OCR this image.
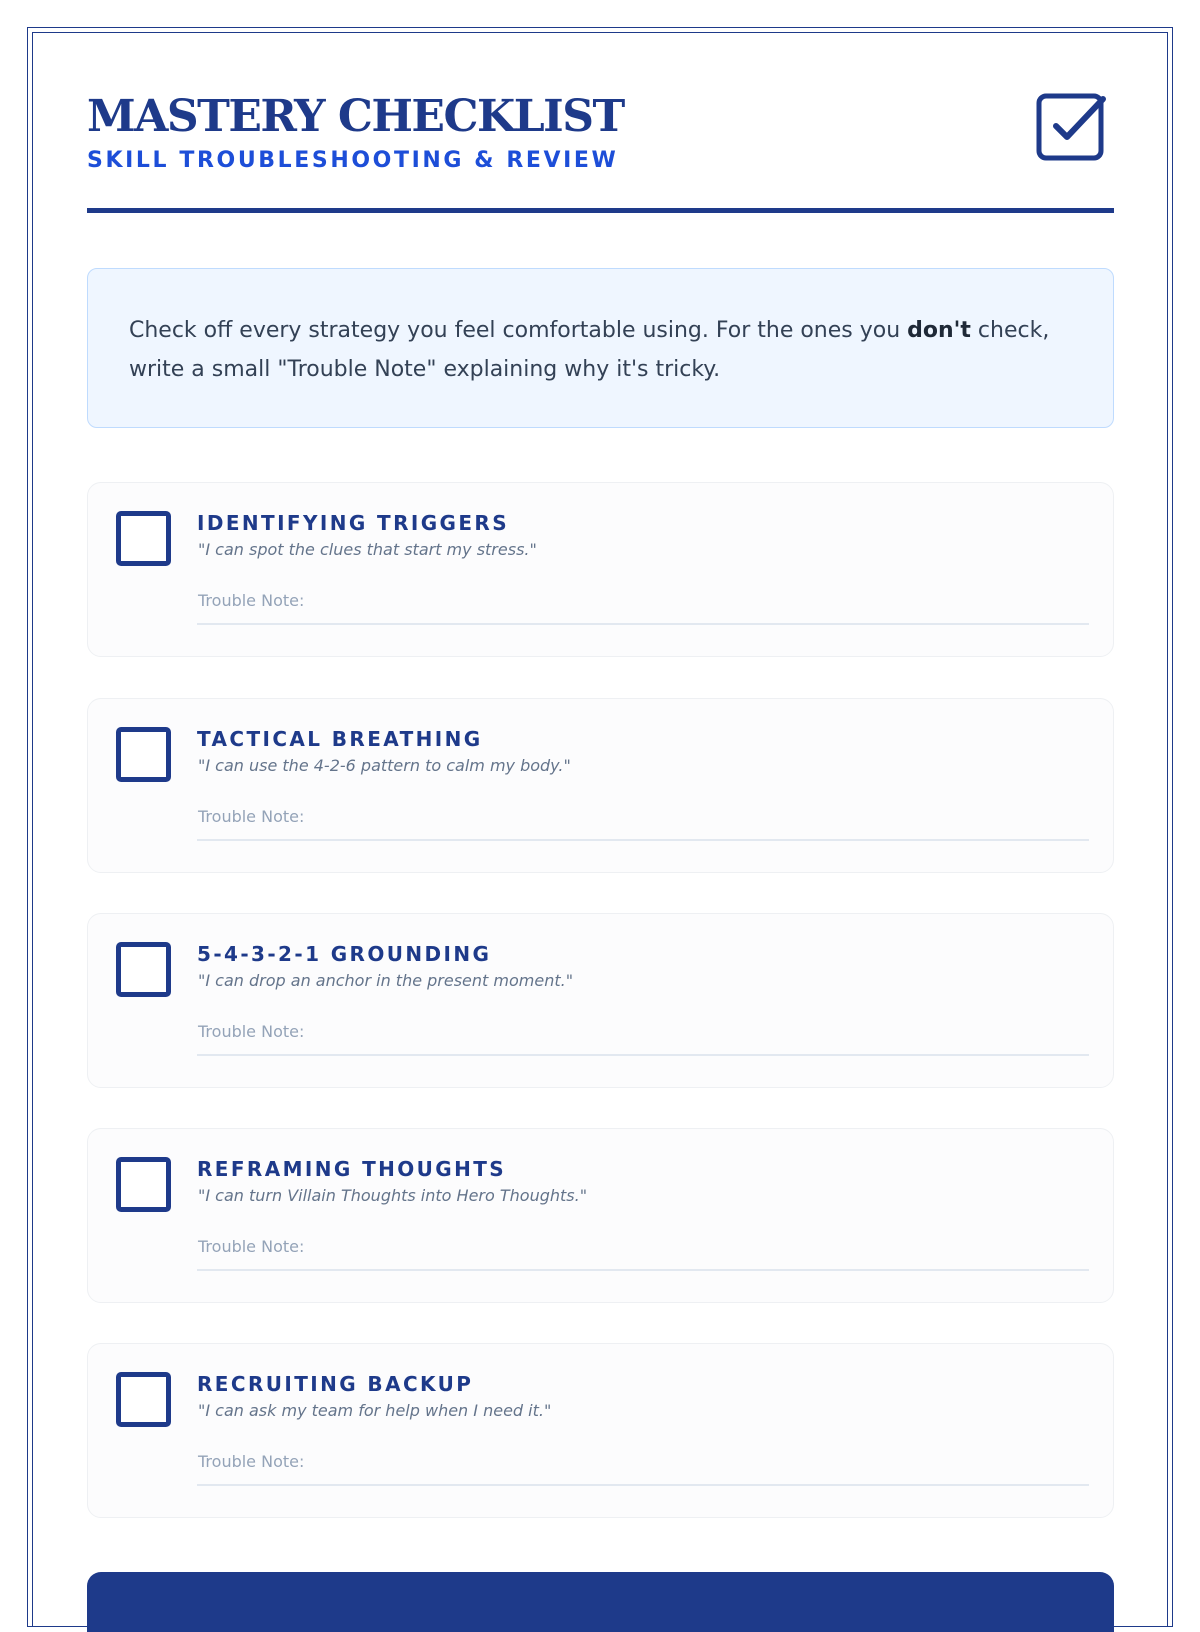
MASTERY CHECKLIST
SKILL TROUBLESHOOTING & REVIEW
Check off every strategy you feel comfortable using. For the ones you don't check, write a small "Trouble Note" explaining why it's tricky.
IDENTIFYING TRIGGERS
"I can spot the clues that start my stress."
Trouble Note:
TACTICAL BREATHING
"I can use the 4-2-6 pattern to calm my body."
Trouble Note:
5-4-3-2-1 GROUNDING
"I can drop an anchor in the present moment."
Trouble Note:
REFRAMING THOUGHTS
"I can turn Villain Thoughts into Hero Thoughts."
Trouble Note:
RECRUITING BACKUP
"I can ask my team for help when I need it."
Trouble Note:
